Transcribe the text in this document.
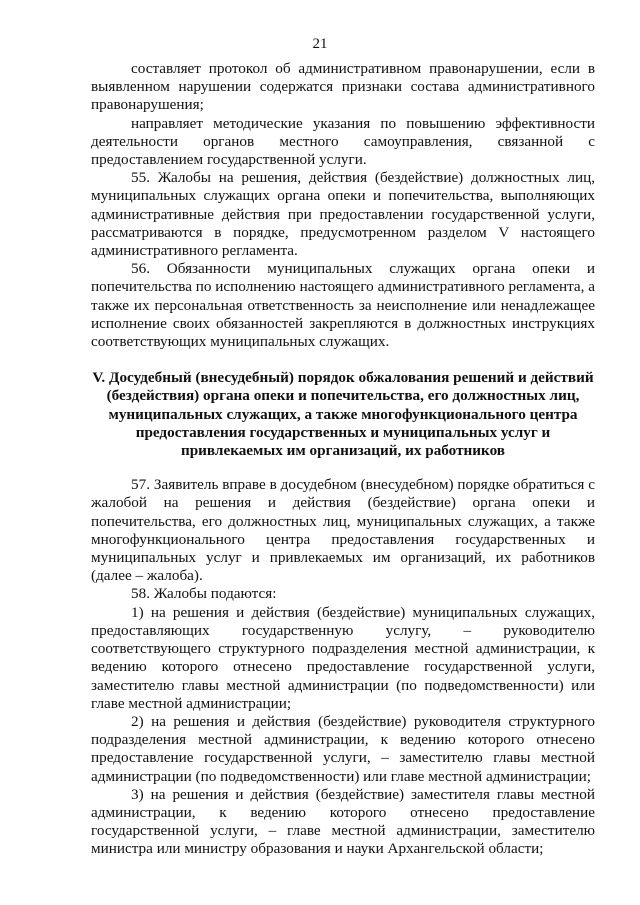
21

составляет протокол об административном правонарушении, если в выявленном нарушении содержатся признаки состава административного правонарушения;

направляет методические указания по повышению эффективности деятельности органов местного самоуправления, связанной с предоставлением государственной услуги.

55. Жалобы на решения, действия (бездействие) должностных лиц, муниципальных служащих органа опеки и попечительства, выполняющих административные действия при предоставлении государственной услуги, рассматриваются в порядке, предусмотренном разделом V настоящего административного регламента.

56. Обязанности муниципальных служащих органа опеки и попечительства по исполнению настоящего административного регламента, а также их персональная ответственность за неисполнение или ненадлежащее исполнение своих обязанностей закрепляются в должностных инструкциях соответствующих муниципальных служащих.

V. Досудебный (внесудебный) порядок обжалования решений и действий (бездействия) органа опеки и попечительства, его должностных лиц, муниципальных служащих, а также многофункционального центра предоставления государственных и муниципальных услуг и привлекаемых им организаций, их работников

57. Заявитель вправе в досудебном (внесудебном) порядке обратиться с жалобой на решения и действия (бездействие) органа опеки и попечительства, его должностных лиц, муниципальных служащих, а также многофункционального центра предоставления государственных и муниципальных услуг и привлекаемых им организаций, их работников (далее – жалоба).

58. Жалобы подаются:

1) на решения и действия (бездействие) муниципальных служащих, предоставляющих государственную услугу, – руководителю соответствующего структурного подразделения местной администрации, к ведению которого отнесено предоставление государственной услуги, заместителю главы местной администрации (по подведомственности) или главе местной администрации;

2) на решения и действия (бездействие) руководителя структурного подразделения местной администрации, к ведению которого отнесено предоставление государственной услуги, – заместителю главы местной администрации (по подведомственности) или главе местной администрации;

3) на решения и действия (бездействие) заместителя главы местной администрации, к ведению которого отнесено предоставление государственной услуги, – главе местной администрации, заместителю министра или министру образования и науки Архангельской области;
